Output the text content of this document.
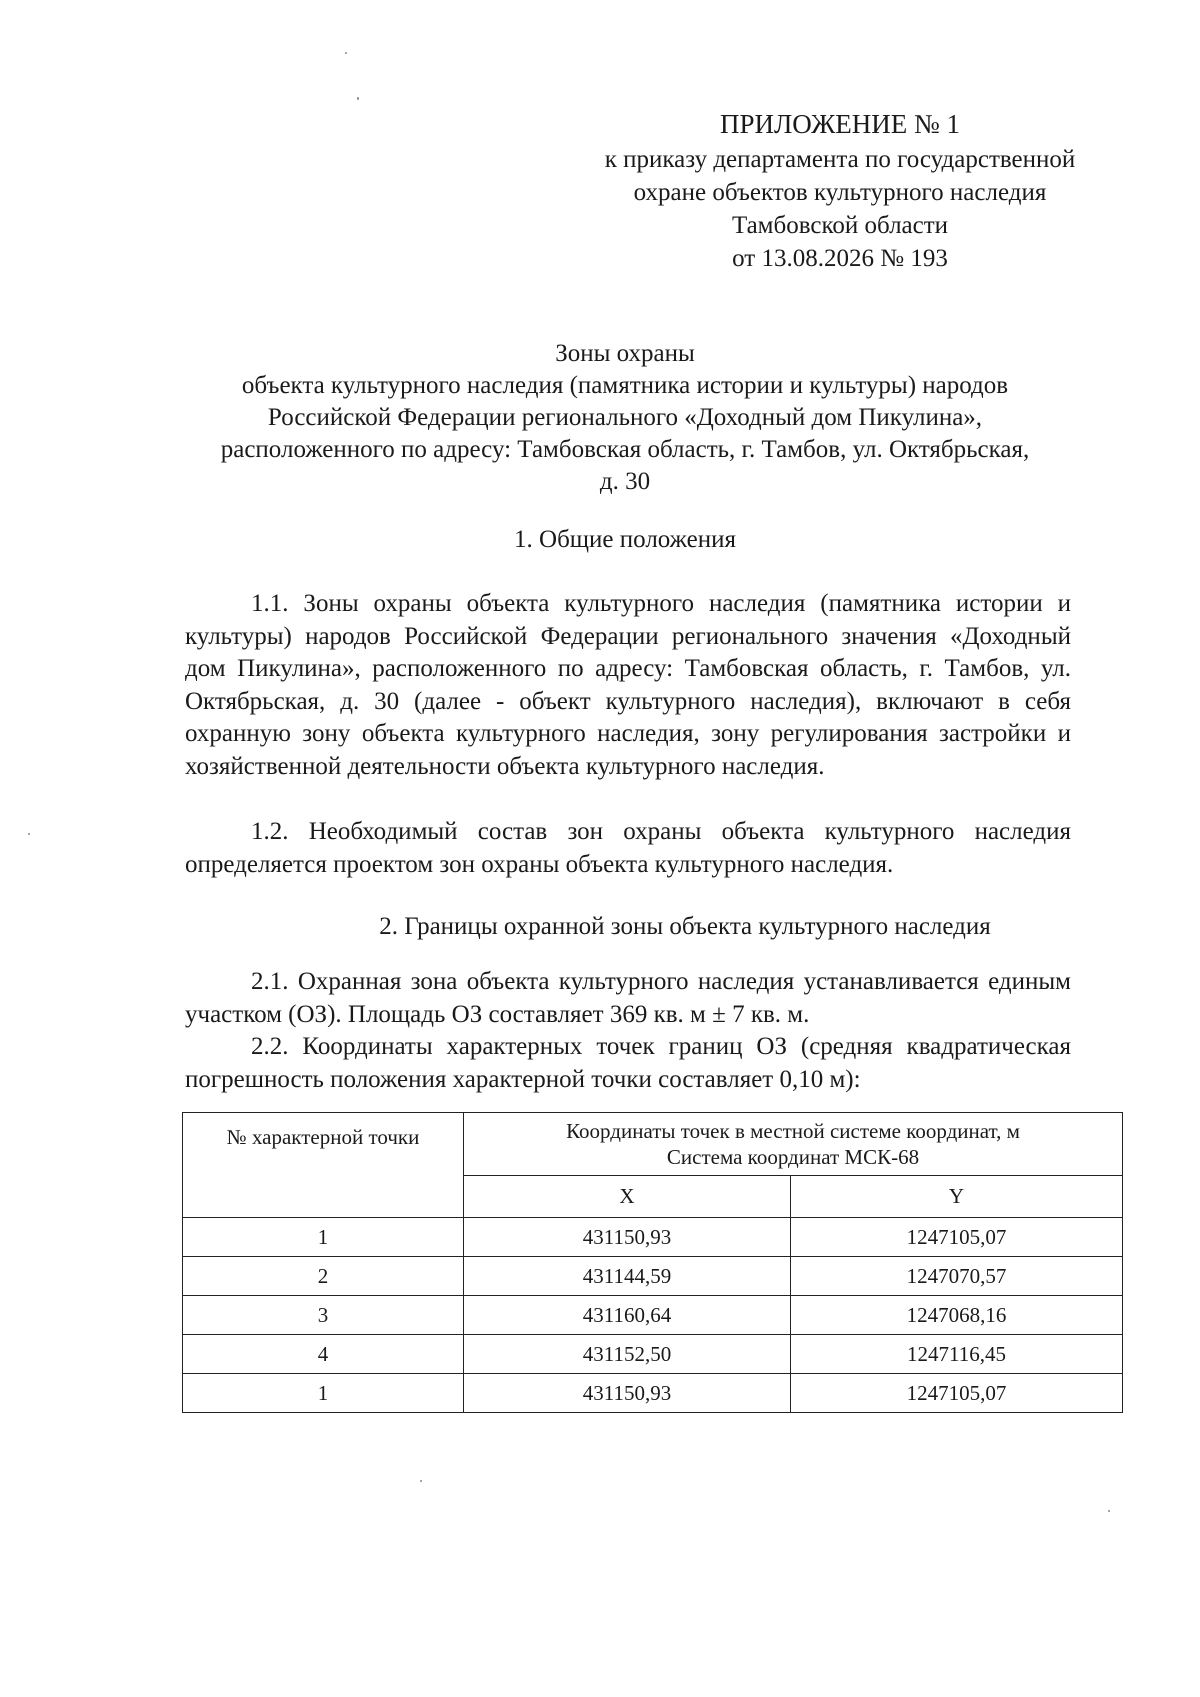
ПРИЛОЖЕНИЕ № 1
к приказу департамента по государственной
охране объектов культурного наследия
Тамбовской области
от 13.08.2026 № 193
Зоны охраны
объекта культурного наследия (памятника истории и культуры) народов
Российской Федерации регионального «Доходный дом Пикулина»,
расположенного по адресу: Тамбовская область, г. Тамбов, ул. Октябрьская,
д. 30
1. Общие положения
1.1. Зоны охраны объекта культурного наследия (памятника истории и культуры) народов Российской Федерации регионального значения «Доходный дом Пикулина», расположенного по адресу: Тамбовская область, г. Тамбов, ул. Октябрьская, д. 30 (далее - объект культурного наследия), включают в себя охранную зону объекта культурного наследия, зону регулирования застройки и хозяйственной деятельности объекта культурного наследия.
1.2. Необходимый состав зон охраны объекта культурного наследия определяется проектом зон охраны объекта культурного наследия.
2. Границы охранной зоны объекта культурного наследия
2.1. Охранная зона объекта культурного наследия устанавливается единым участком (ОЗ). Площадь ОЗ составляет 369 кв. м ± 7 кв. м.
2.2. Координаты характерных точек границ ОЗ (средняя квадратическая погрешность положения характерной точки составляет 0,10 м):
№ характерной точки	Координаты точек в местной системе координат, м
Система координат МСК-68	

	X	Y
1	431150,93	1247105,07
2	431144,59	1247070,57
3	431160,64	1247068,16
4	431152,50	1247116,45
1	431150,93	1247105,07
